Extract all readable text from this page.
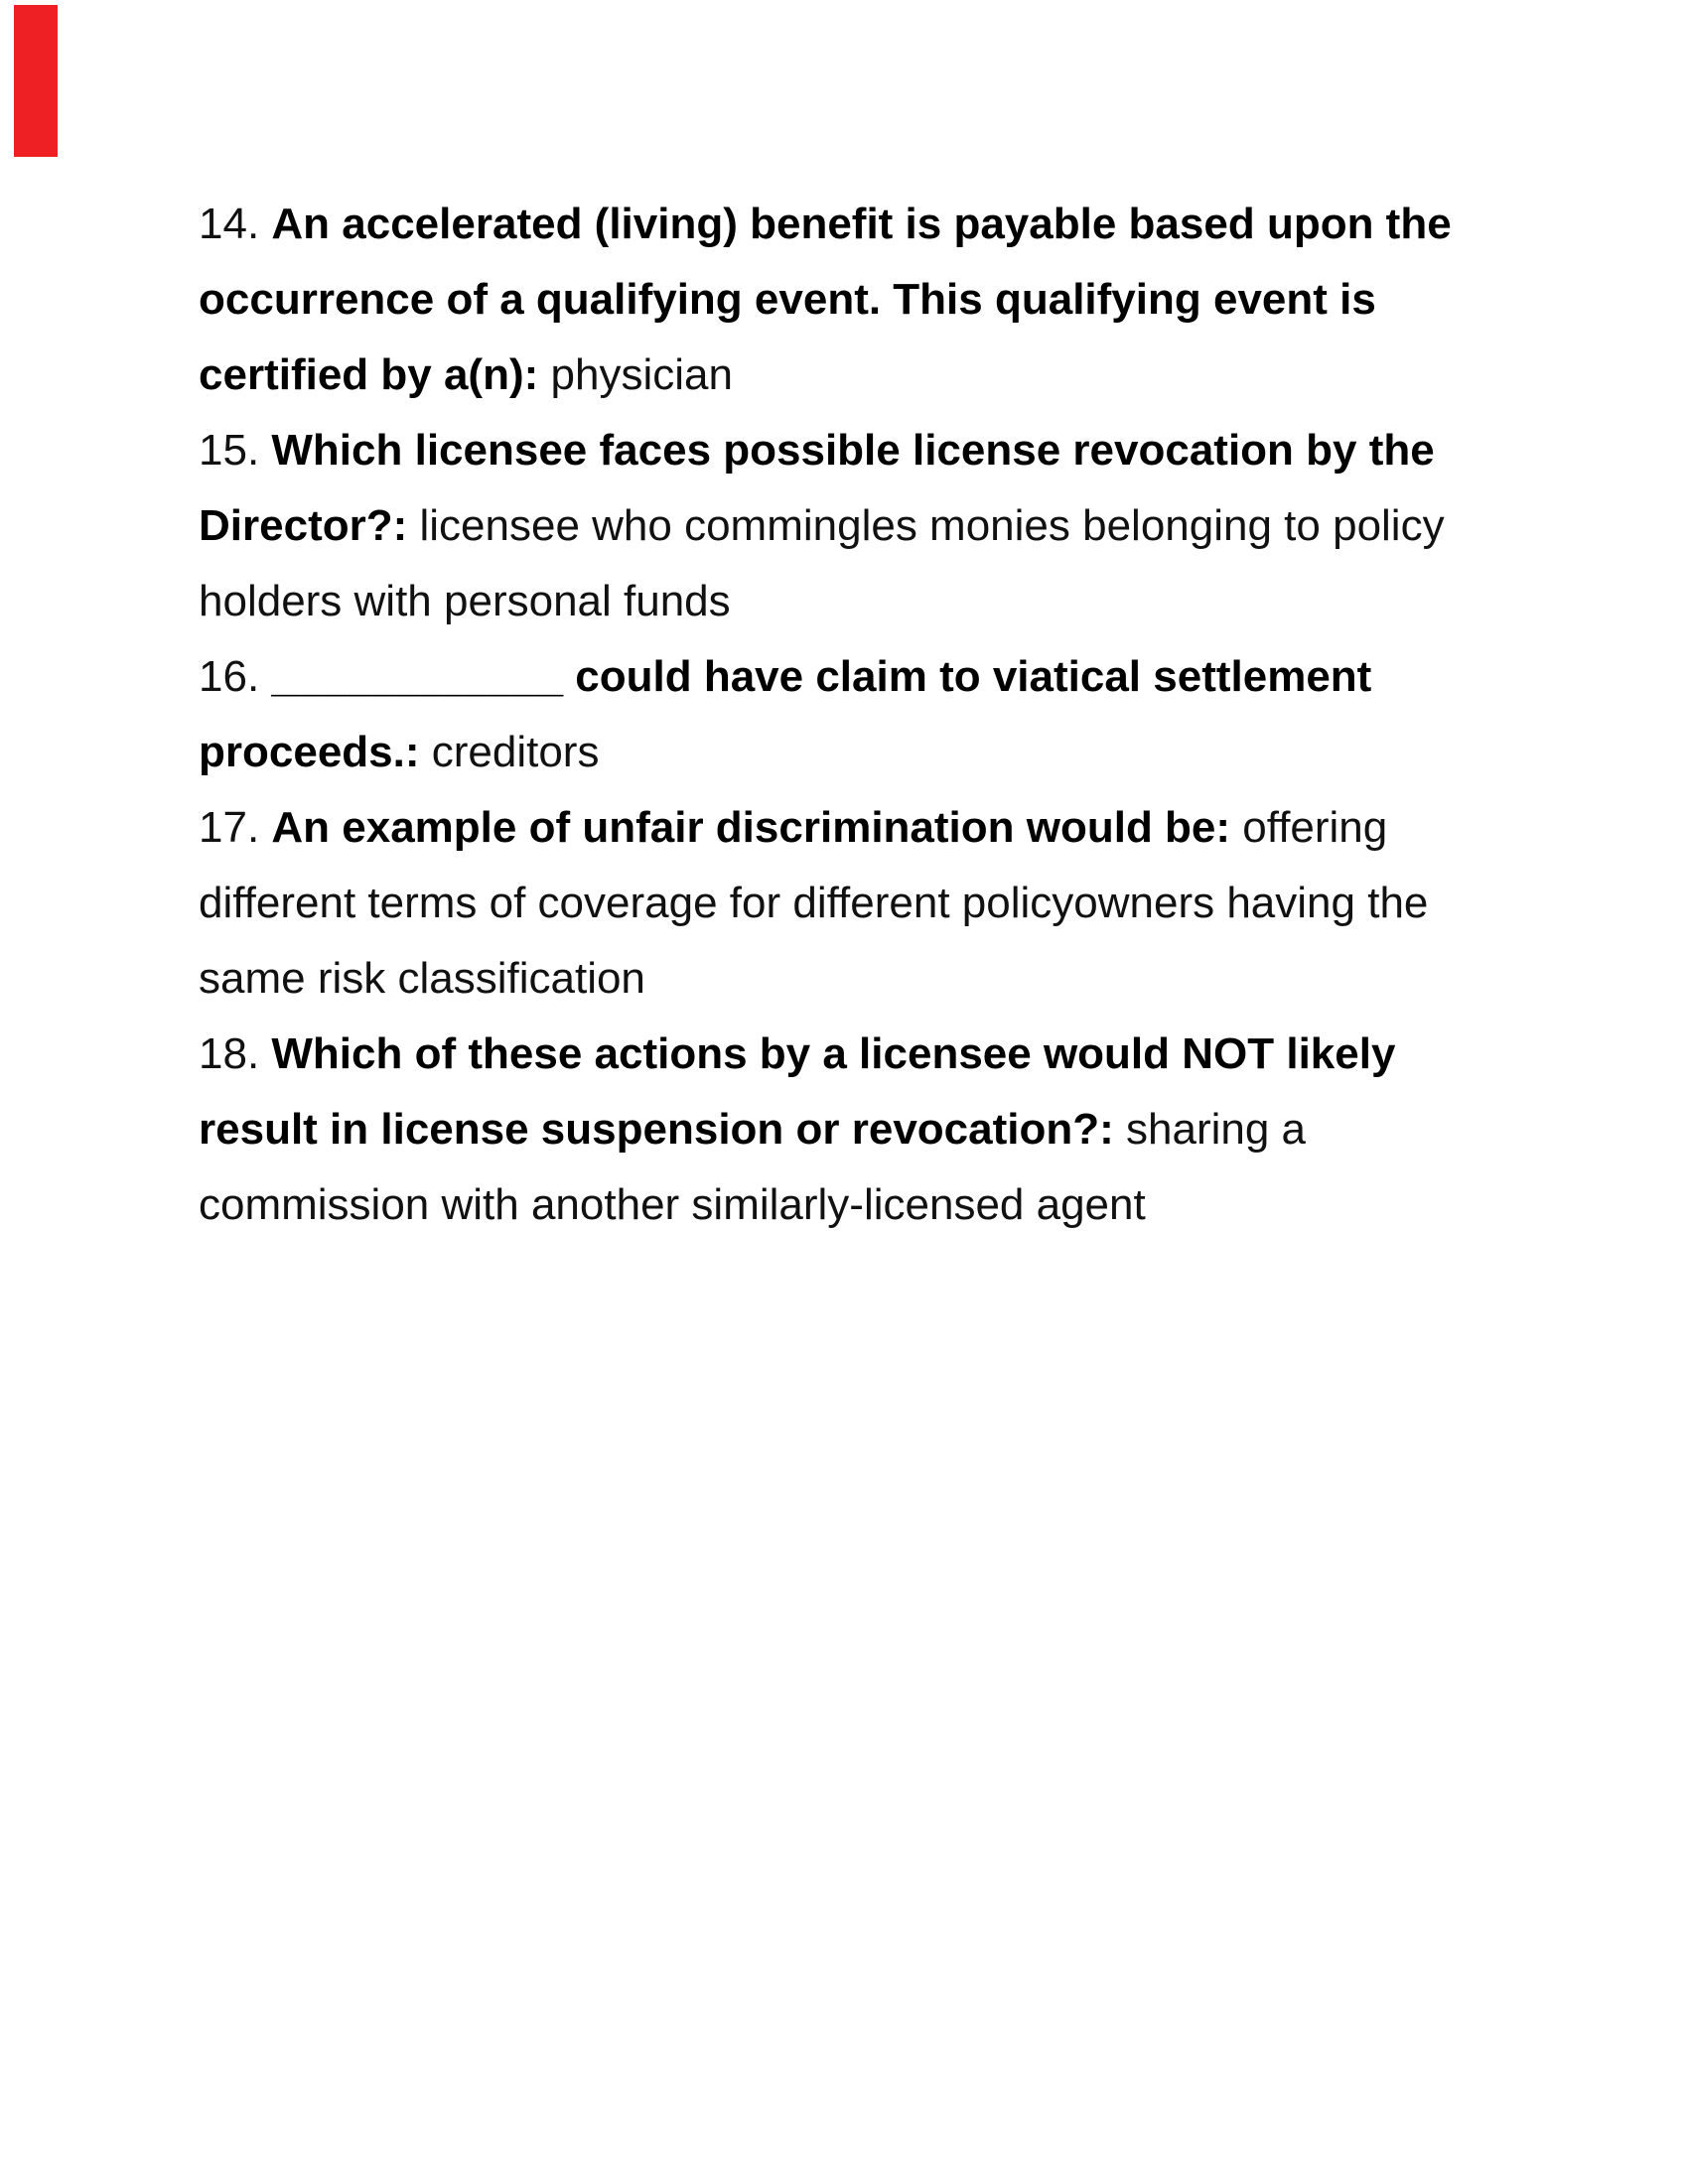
14. An accelerated (living) benefit is payable based upon the
occurrence of a qualifying event. This qualifying event is
certified by a(n): physician
15. Which licensee faces possible license revocation by the
Director?: licensee who commingles monies belonging to policy
holders with personal funds
16. ____________ could have claim to viatical settlement
proceeds.: creditors
17. An example of unfair discrimination would be: offering
different terms of coverage for different policyowners having the
same risk classification
18. Which of these actions by a licensee would NOT likely
result in license suspension or revocation?: sharing a
commission with another similarly-licensed agent
